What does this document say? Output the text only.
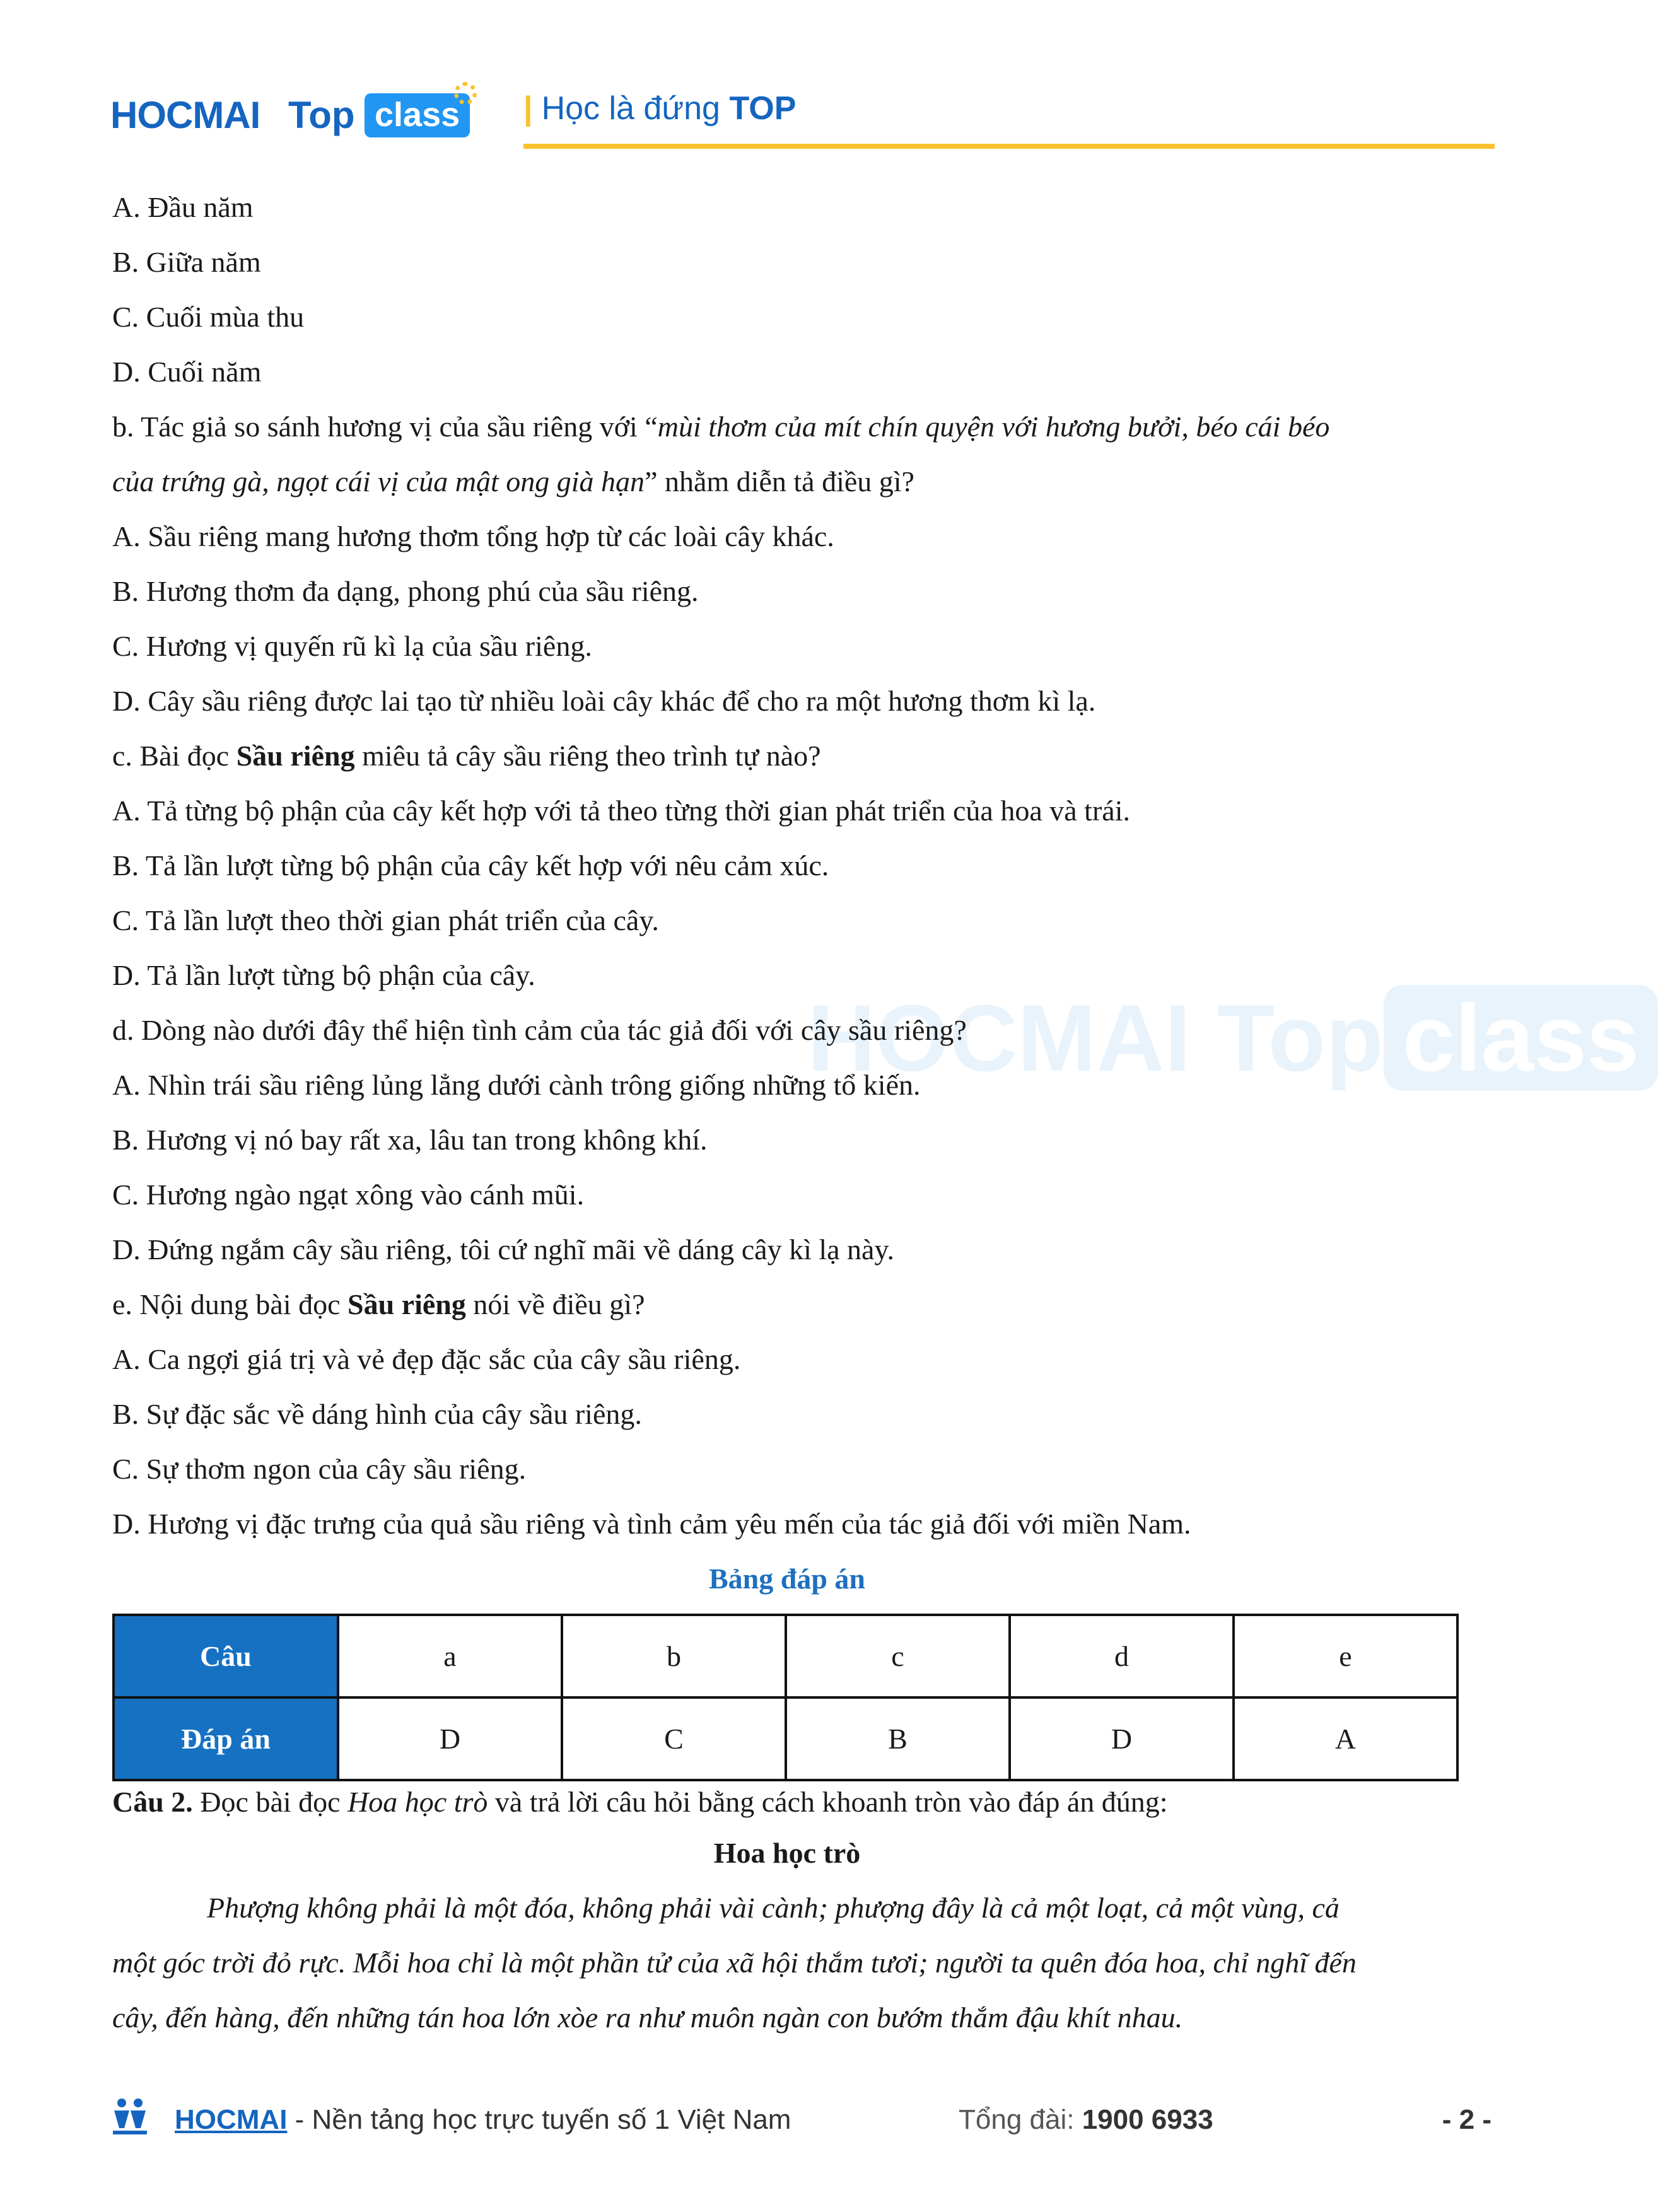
HOCMAI Top class	| Học là đứng TOP
HOCMAI Top class
A. Đầu năm
B. Giữa năm
C. Cuối mùa thu
D. Cuối năm
b. Tác giả so sánh hương vị của sầu riêng với “mùi thơm của mít chín quyện với hương bưởi, béo cái béo
của trứng gà, ngọt cái vị của mật ong già hạn” nhằm diễn tả điều gì?
A. Sầu riêng mang hương thơm tổng hợp từ các loài cây khác.
B. Hương thơm đa dạng, phong phú của sầu riêng.
C. Hương vị quyến rũ kì lạ của sầu riêng.
D. Cây sầu riêng được lai tạo từ nhiều loài cây khác để cho ra một hương thơm kì lạ.
c. Bài đọc Sầu riêng miêu tả cây sầu riêng theo trình tự nào?
A. Tả từng bộ phận của cây kết hợp với tả theo từng thời gian phát triển của hoa và trái.
B. Tả lần lượt từng bộ phận của cây kết hợp với nêu cảm xúc.
C. Tả lần lượt theo thời gian phát triển của cây.
D. Tả lần lượt từng bộ phận của cây.
d. Dòng nào dưới đây thể hiện tình cảm của tác giả đối với cây sầu riêng?
A. Nhìn trái sầu riêng lủng lẳng dưới cành trông giống những tổ kiến.
B. Hương vị nó bay rất xa, lâu tan trong không khí.
C. Hương ngào ngạt xông vào cánh mũi.
D. Đứng ngắm cây sầu riêng, tôi cứ nghĩ mãi về dáng cây kì lạ này.
e. Nội dung bài đọc Sầu riêng nói về điều gì?
A. Ca ngợi giá trị và vẻ đẹp đặc sắc của cây sầu riêng.
B. Sự đặc sắc về dáng hình của cây sầu riêng.
C. Sự thơm ngon của cây sầu riêng.
D. Hương vị đặc trưng của quả sầu riêng và tình cảm yêu mến của tác giả đối với miền Nam.
Bảng đáp án
Câu	a	b	c	d	e
Đáp án	D	C	B	D	A
Câu 2. Đọc bài đọc Hoa học trò và trả lời câu hỏi bằng cách khoanh tròn vào đáp án đúng:
Hoa học trò
Phượng không phải là một đóa, không phải vài cành; phượng đây là cả một loạt, cả một vùng, cả
một góc trời đỏ rực. Mỗi hoa chỉ là một phần tử của xã hội thắm tươi; người ta quên đóa hoa, chỉ nghĩ đến
cây, đến hàng, đến những tán hoa lớn xòe ra như muôn ngàn con bướm thắm đậu khít nhau.
HOCMAI - Nền tảng học trực tuyến số 1 Việt Nam	Tổng đài: 1900 6933	- 2 -
